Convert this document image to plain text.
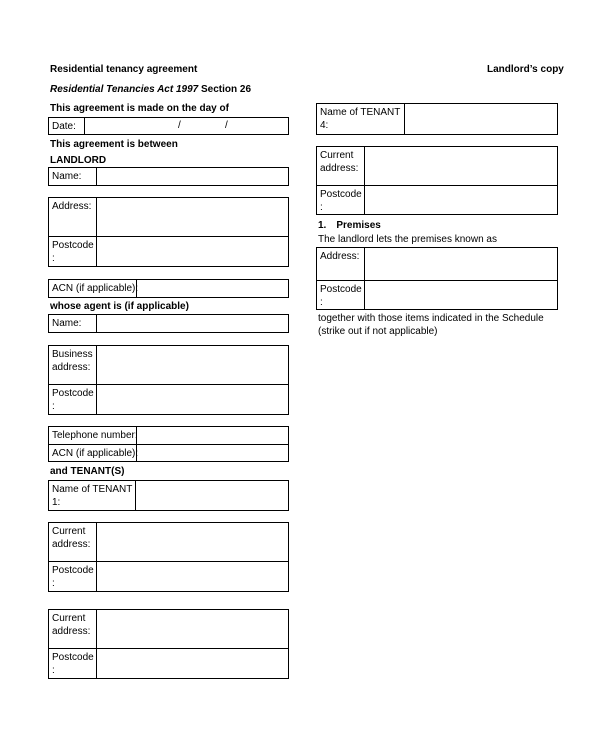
Residential tenancy agreement	Landlord’s copy
Residential Tenancies Act 1997 Section 26
This agreement is made on the day of
Date:	/	/
This agreement is between
LANDLORD
Name:
Address:
Postcode
:
ACN (if applicable):
whose agent is (if applicable)
Name:
Business
address:
Postcode
:
Telephone number:
ACN (if applicable):
and TENANT(S)
Name of TENANT
1:
Current
address:
Postcode
:
Current
address:
Postcode
:
Name of TENANT
4:
Current
address:
Postcode
:
1. Premises
The landlord lets the premises known as
Address:
Postcode
:
together with those items indicated in the Schedule
(strike out if not applicable)
